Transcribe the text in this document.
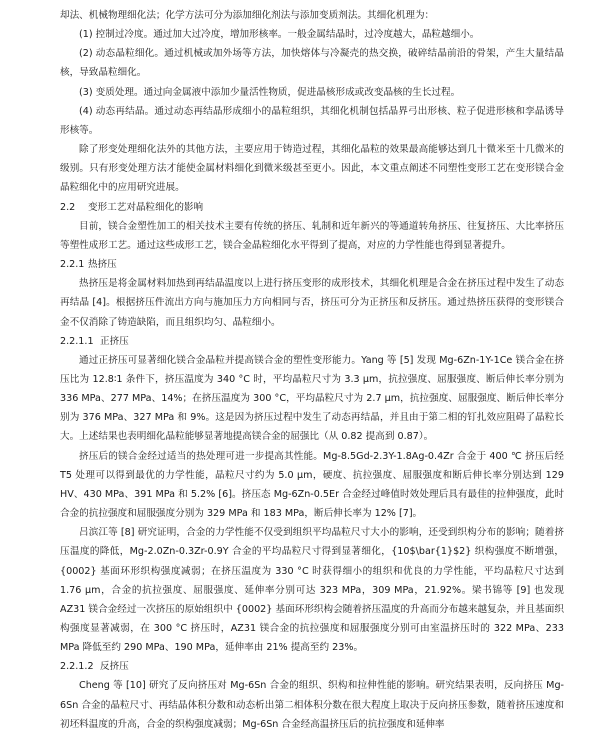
却法、机械物理细化法；化学方法可分为添加细化剂法与添加变质剂法。其细化机理为：

(1) 控制过冷度。通过加大过冷度，增加形核率。一般金属结晶时，过冷度越大，晶粒越细小。

(2) 动态晶粒细化。通过机械或加外场等方法，加快熔体与冷凝壳的热交换，破碎结晶前沿的骨架，产生大量结晶核，导致晶粒细化。

(3) 变质处理。通过向金属液中添加少量活性物质，促进晶核形成或改变晶核的生长过程。

(4) 动态再结晶。通过动态再结晶形成细小的晶粒组织，其细化机制包括晶界弓出形核、粒子促进形核和孪晶诱导形核等。

除了形变处理细化法外的其他方法，主要应用于铸造过程，其细化晶粒的效果最高能够达到几十微米至十几微米的级别。只有形变处理方法才能使金属材料细化到微米级甚至更小。因此，本文重点阐述不同塑性变形工艺在变形镁合金晶粒细化中的应用研究进展。

2.2 变形工艺对晶粒细化的影响

目前，镁合金塑性加工的相关技术主要有传统的挤压、轧制和近年新兴的等通道转角挤压、往复挤压、大比率挤压等塑性成形工艺。通过这些成形工艺，镁合金晶粒细化水平得到了提高，对应的力学性能也得到显著提升。

2.2.1 热挤压

热挤压是将金属材料加热到再结晶温度以上进行挤压变形的成形技术，其细化机理是合金在挤压过程中发生了动态再结晶 [4]。根据挤压件流出方向与施加压力方向相同与否，挤压可分为正挤压和反挤压。通过热挤压获得的变形镁合金不仅消除了铸造缺陷，而且组织均匀、晶粒细小。

2.2.1.1 正挤压

通过正挤压可显著细化镁合金晶粒并提高镁合金的塑性变形能力。Yang 等 [5] 发现 Mg-6Zn-1Y-1Ce 镁合金在挤压比为 12.8∶1 条件下，挤压温度为 340 °C 时，平均晶粒尺寸为 3.3 μm，抗拉强度、屈服强度、断后伸长率分别为 336 MPa、277 MPa、14%；在挤压温度为 300 °C，平均晶粒尺寸为 2.7 μm，抗拉强度、屈服强度、断后伸长率分别为 376 MPa、327 MPa 和 9%。这是因为挤压过程中发生了动态再结晶，并且由于第二相的钉扎效应阻碍了晶粒长大。上述结果也表明细化晶粒能够显著地提高镁合金的屈强比（从 0.82 提高到 0.87）。

挤压后的镁合金经过适当的热处理可进一步提高其性能。Mg-8.5Gd-2.3Y-1.8Ag-0.4Zr 合金于 400 ℃ 挤压后经 T5 处理可以得到最优的力学性能，晶粒尺寸约为 5.0 μm，硬度、抗拉强度、屈服强度和断后伸长率分别达到 129 HV、430 MPa、391 MPa 和 5.2% [6]。挤压态 Mg-6Zn-0.5Er 合金经过峰值时效处理后具有最佳的拉伸强度，此时合金的抗拉强度和屈服强度分别为 329 MPa 和 183 MPa，断后伸长率为 12% [7]。

吕滨江等 [8] 研究证明，合金的力学性能不仅受到组织平均晶粒尺寸大小的影响，还受到织构分布的影响；随着挤压温度的降低，Mg-2.0Zn-0.3Zr-0.9Y 合金的平均晶粒尺寸得到显著细化，{10$\bar{1}$2} 织构强度不断增强，{0002} 基面环形织构强度减弱；在挤压温度为 330 °C 时获得细小的组织和优良的力学性能，平均晶粒尺寸达到 1.76 μm，合金的抗拉强度、屈服强度、延伸率分别可达 323 MPa，309 MPa，21.92%。梁书锦等 [9] 也发现 AZ31 镁合金经过一次挤压的原始组织中 {0002} 基面环形织构会随着挤压温度的升高而分布越来越复杂，并且基面织构强度显著减弱，在 300 °C 挤压时，AZ31 镁合金的抗拉强度和屈服强度分别可由室温挤压时的 322 MPa、233 MPa 降低至约 290 MPa、190 MPa，延伸率由 21% 提高至约 23%。

2.2.1.2 反挤压

Cheng 等 [10] 研究了反向挤压对 Mg-6Sn 合金的组织、织构和拉伸性能的影响。研究结果表明，反向挤压 Mg-6Sn 合金的晶粒尺寸、再结晶体积分数和动态析出第二相体积分数在很大程度上取决于反向挤压参数，随着挤压速度和初坯料温度的升高，合金的织构强度减弱；Mg-6Sn 合金经高温挤压后的抗拉强度和延伸率
